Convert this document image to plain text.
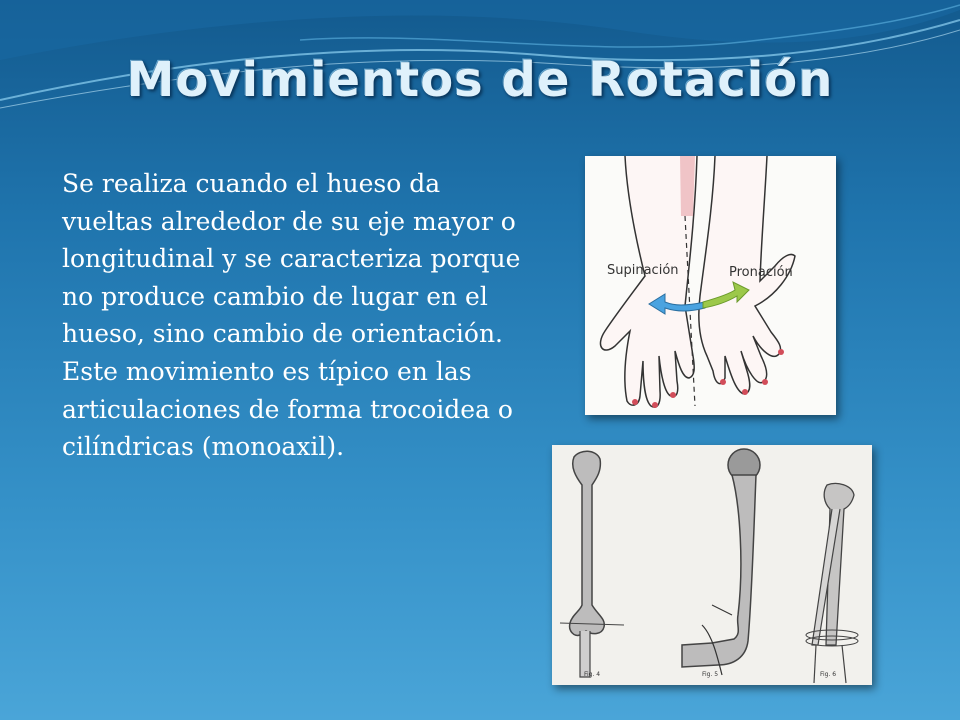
Movimientos de Rotación

Se realiza cuando el hueso da vueltas alrededor de su eje mayor o longitudinal y se caracteriza porque no produce cambio de lugar en el hueso, sino cambio de orientación. Este movimiento es típico en las articulaciones de forma trocoidea o cilíndricas (monoaxil).

Supinación	Pronación
Fig. 4	Fig. 5	Fig. 6
